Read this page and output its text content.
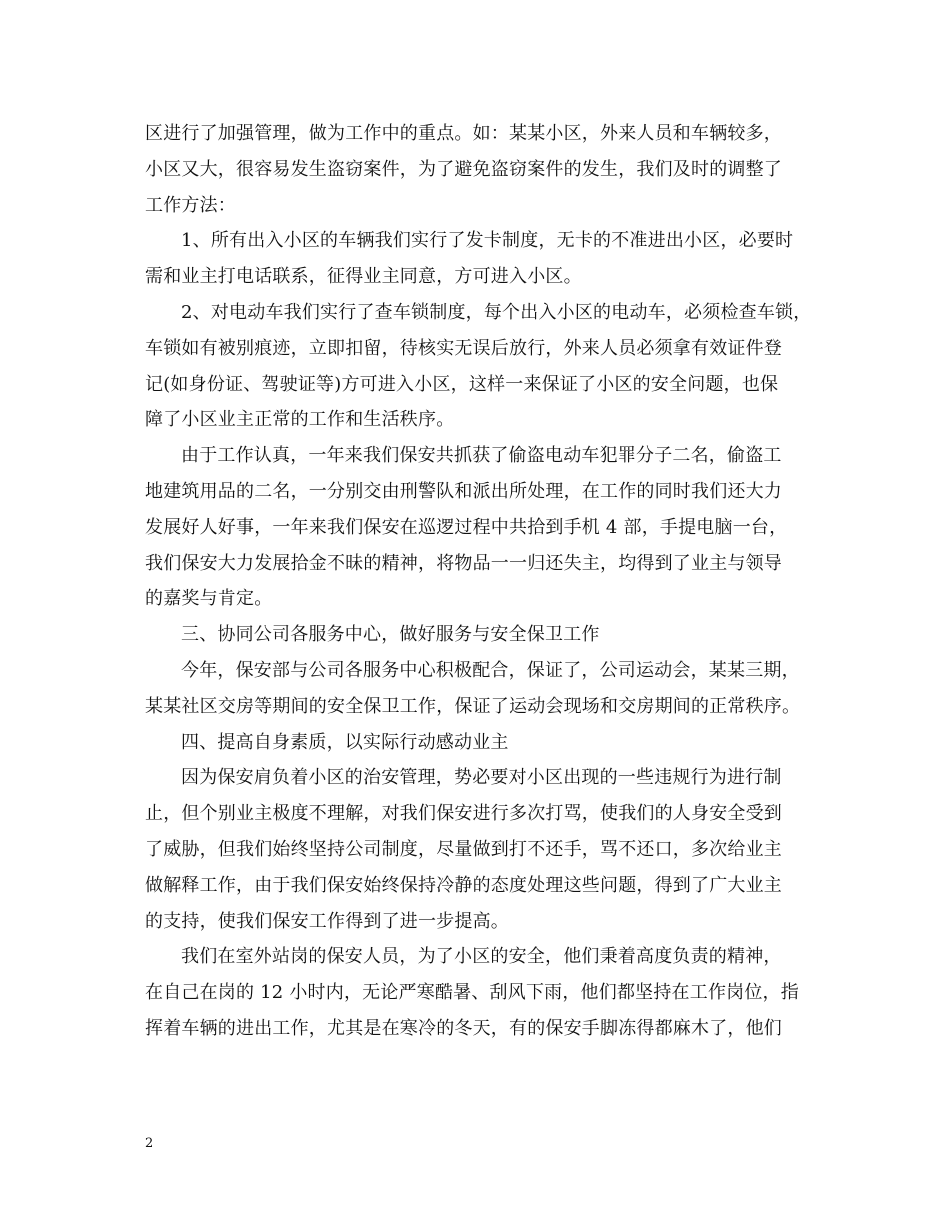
区进行了加强管理，做为工作中的重点。如：某某小区，外来人员和车辆较多，
小区又大，很容易发生盗窃案件，为了避免盗窃案件的发生，我们及时的调整了
工作方法：
1、所有出入小区的车辆我们实行了发卡制度，无卡的不准进出小区，必要时
需和业主打电话联系，征得业主同意，方可进入小区。
2、对电动车我们实行了查车锁制度，每个出入小区的电动车，必须检查车锁，
车锁如有被别痕迹，立即扣留，待核实无误后放行，外来人员必须拿有效证件登
记(如身份证、驾驶证等)方可进入小区，这样一来保证了小区的安全问题，也保
障了小区业主正常的工作和生活秩序。
由于工作认真，一年来我们保安共抓获了偷盗电动车犯罪分子二名，偷盗工
地建筑用品的二名，一分别交由刑警队和派出所处理，在工作的同时我们还大力
发展好人好事，一年来我们保安在巡逻过程中共拾到手机 4 部，手提电脑一台，
我们保安大力发展拾金不昧的精神，将物品一一归还失主，均得到了业主与领导
的嘉奖与肯定。
三、协同公司各服务中心，做好服务与安全保卫工作
今年，保安部与公司各服务中心积极配合，保证了，公司运动会，某某三期，
某某社区交房等期间的安全保卫工作，保证了运动会现场和交房期间的正常秩序。
四、提高自身素质，以实际行动感动业主
因为保安肩负着小区的治安管理，势必要对小区出现的一些违规行为进行制
止，但个别业主极度不理解，对我们保安进行多次打骂，使我们的人身安全受到
了威胁，但我们始终坚持公司制度，尽量做到打不还手，骂不还口，多次给业主
做解释工作，由于我们保安始终保持冷静的态度处理这些问题，得到了广大业主
的支持，使我们保安工作得到了进一步提高。
我们在室外站岗的保安人员，为了小区的安全，他们秉着高度负责的精神，
在自己在岗的 12 小时内，无论严寒酷暑、刮风下雨，他们都坚持在工作岗位，指
挥着车辆的进出工作，尤其是在寒冷的冬天，有的保安手脚冻得都麻木了，他们
2
